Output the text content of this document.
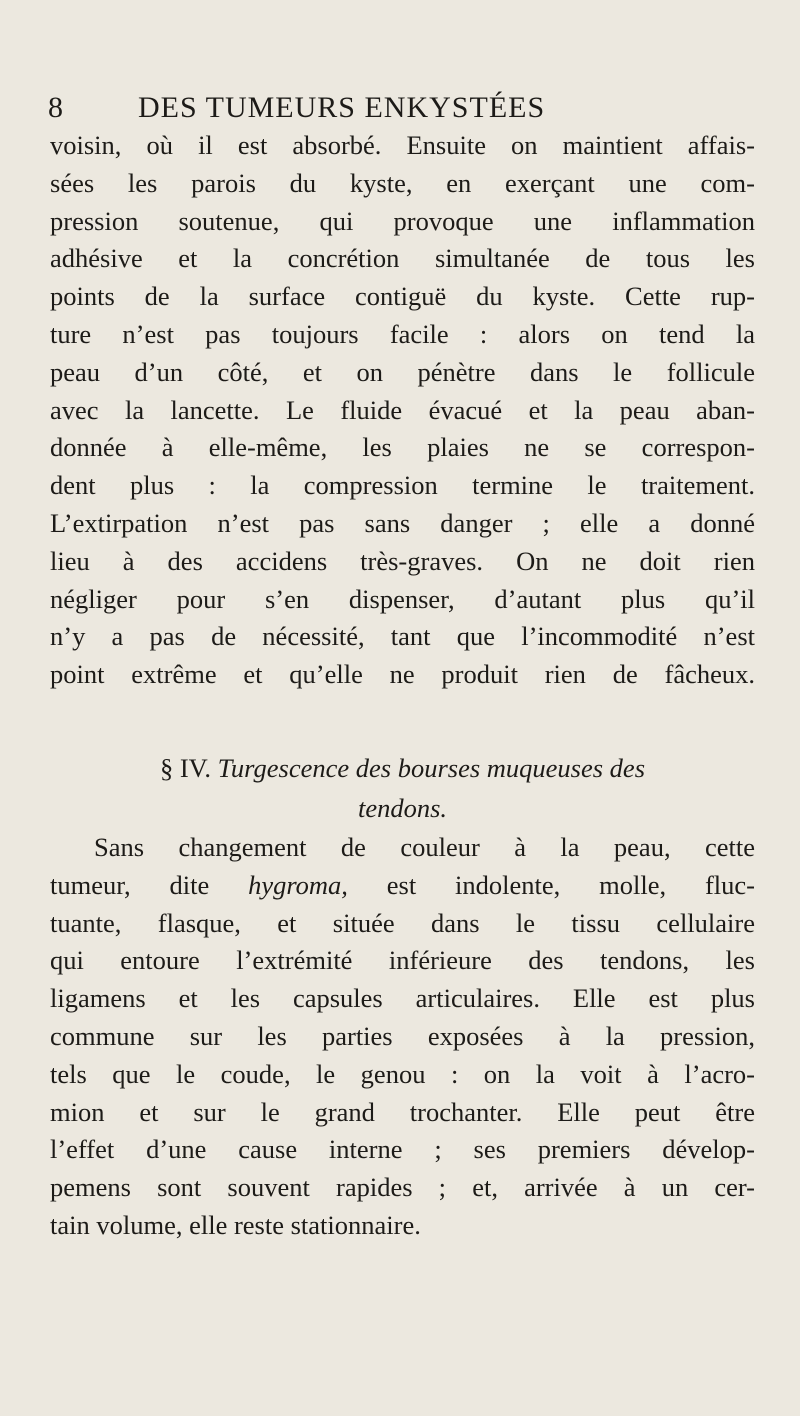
8	DES TUMEURS ENKYSTÉES
voisin, où il est absorbé. Ensuite on maintient affais-
sées les parois du kyste, en exerçant une com-
pression soutenue, qui provoque une inflammation
adhésive et la concrétion simultanée de tous les
points de la surface contiguë du kyste. Cette rup-
ture n’est pas toujours facile : alors on tend la
peau d’un côté, et on pénètre dans le follicule
avec la lancette. Le fluide évacué et la peau aban-
donnée à elle-même, les plaies ne se correspon-
dent plus : la compression termine le traitement.
L’extirpation n’est pas sans danger ; elle a donné
lieu à des accidens très-graves. On ne doit rien
négliger pour s’en dispenser, d’autant plus qu’il
n’y a pas de nécessité, tant que l’incommodité n’est
point extrême et qu’elle ne produit rien de fâcheux.
§ IV. Turgescence des bourses muqueuses des
tendons.
Sans changement de couleur à la peau, cette
tumeur, dite hygroma, est indolente, molle, fluc-
tuante, flasque, et située dans le tissu cellulaire
qui entoure l’extrémité inférieure des tendons, les
ligamens et les capsules articulaires. Elle est plus
commune sur les parties exposées à la pression,
tels que le coude, le genou : on la voit à l’acro-
mion et sur le grand trochanter. Elle peut être
l’effet d’une cause interne ; ses premiers dévelop-
pemens sont souvent rapides ; et, arrivée à un cer-
tain volume, elle reste stationnaire.
